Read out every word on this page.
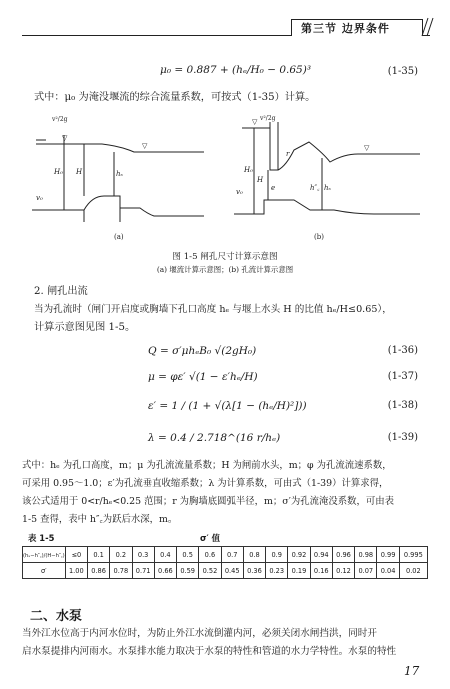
第三节 边界条件
μ₀ = 0.887 + (hₑ/H₀ − 0.65)³	(1-35)
式中：μ₀ 为淹没堰流的综合流量系数，可按式（1-35）计算。
▽
▽
v²/2g
H₀ H	hₛ
v₀
(a)
▽
▽
v²/2g
H₀
H
e
r
h″꜀ hₛ
v₀
(b)
图 1-5 闸孔尺寸计算示意图
(a) 堰流计算示意图；(b) 孔流计算示意图
2. 闸孔出流
当为孔流时（闸门开启度或胸墙下孔口高度 hₑ 与堰上水头 H 的比值 hₑ/H≤0.65），
计算示意图见图 1-5。
Q = σ′μhₑB₀ √(2gH₀)	(1-36)
μ = φε′ √(1 − ε′hₑ/H)	(1-37)
ε′ = 1 / (1 + √(λ[1 − (hₑ/H)²]))	(1-38)
λ = 0.4 / 2.718^(16 r/hₑ)	(1-39)
式中：hₑ 为孔口高度，m；μ 为孔流流量系数；H 为闸前水头，m；φ 为孔流流速系数，
可采用 0.95～1.0；ε′为孔流垂直收缩系数；λ 为计算系数，可由式（1-39）计算求得，
该公式适用于 0<r/hₑ<0.25 范围；r 为胸墙底圆弧半径，m；σ′为孔流淹没系数，可由表
1-5 查得，表中 h″꜀为跃后水深，m。
表 1-5	σ′ 值
(hₛ−h″꜀)/(H−h″꜀)	≤0	0.1	0.2	0.3	0.4	0.5	0.6	0.7	0.8	0.9	0.92	0.94	0.96	0.98	0.99	0.995
σ′	1.00	0.86	0.78	0.71	0.66	0.59	0.52	0.45	0.36	0.23	0.19	0.16	0.12	0.07	0.04	0.02
二、水泵
当外江水位高于内河水位时，为防止外江水流倒灌内河，必须关闭水闸挡洪，同时开
启水泵提排内河雨水。水泵排水能力取决于水泵的特性和管道的水力学特性。水泵的特性
17
